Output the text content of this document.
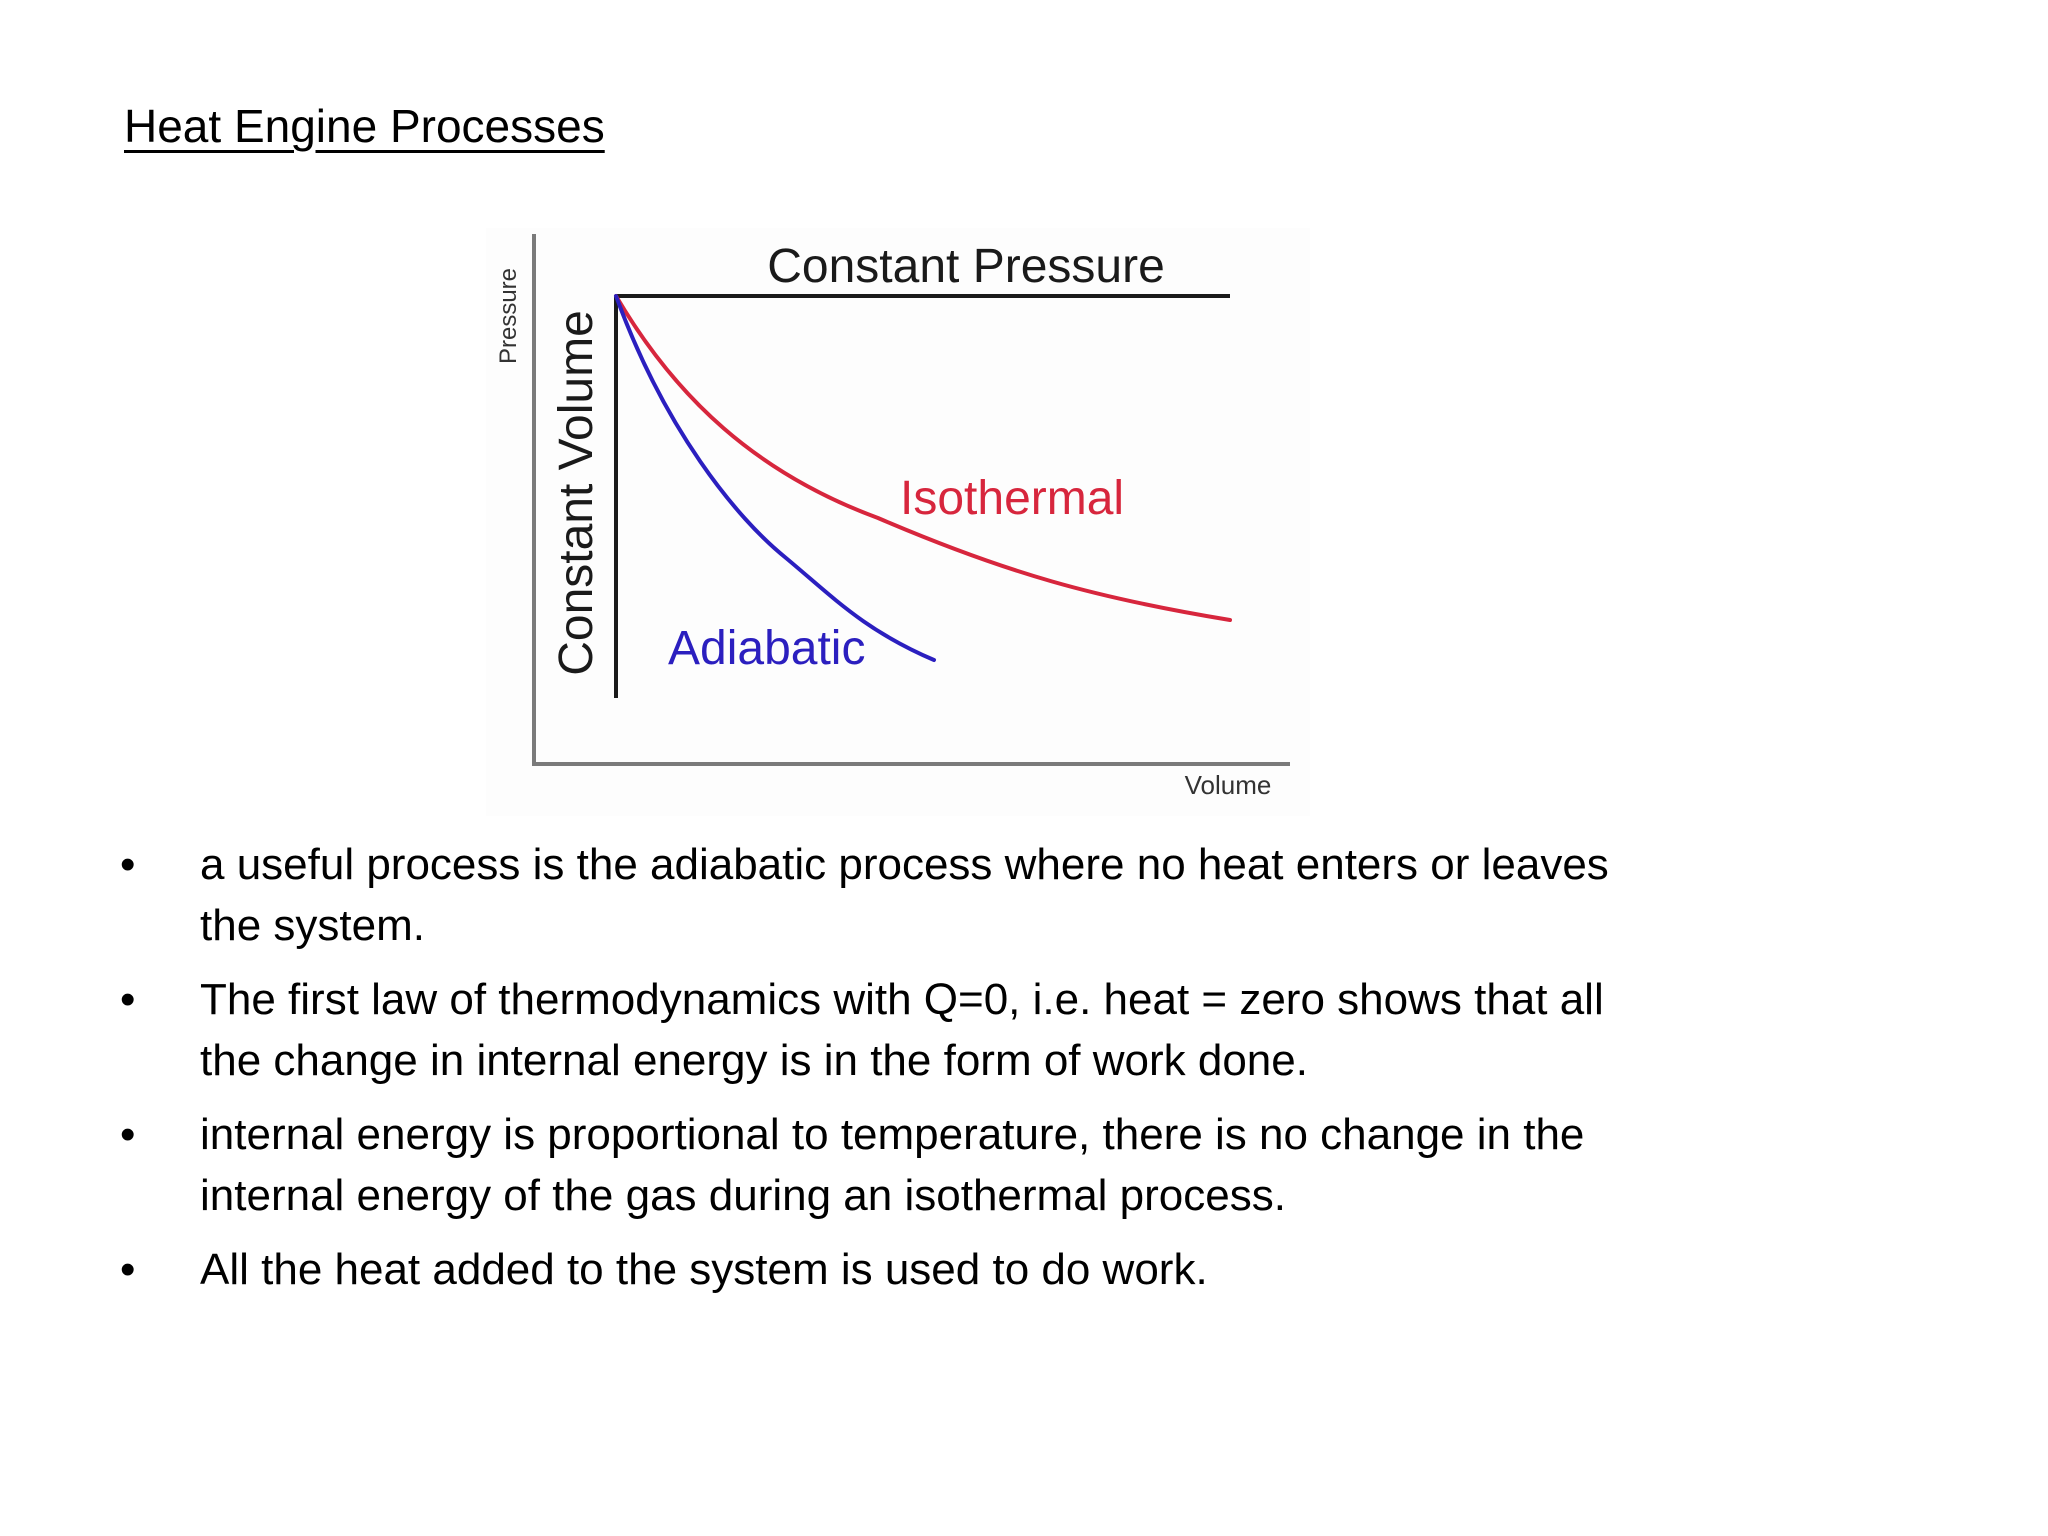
Heat Engine Processes
Pressure
Volume
Constant Pressure
Constant Volume	Isothermal
Adiabatic
•	a useful process is the adiabatic process where no heat enters or leaves
the system.
•	The first law of thermodynamics with Q=0, i.e. heat = zero shows that all
the change in internal energy is in the form of work done.
•	internal energy is proportional to temperature, there is no change in the
internal energy of the gas during an isothermal process.
•	All the heat added to the system is used to do work.
